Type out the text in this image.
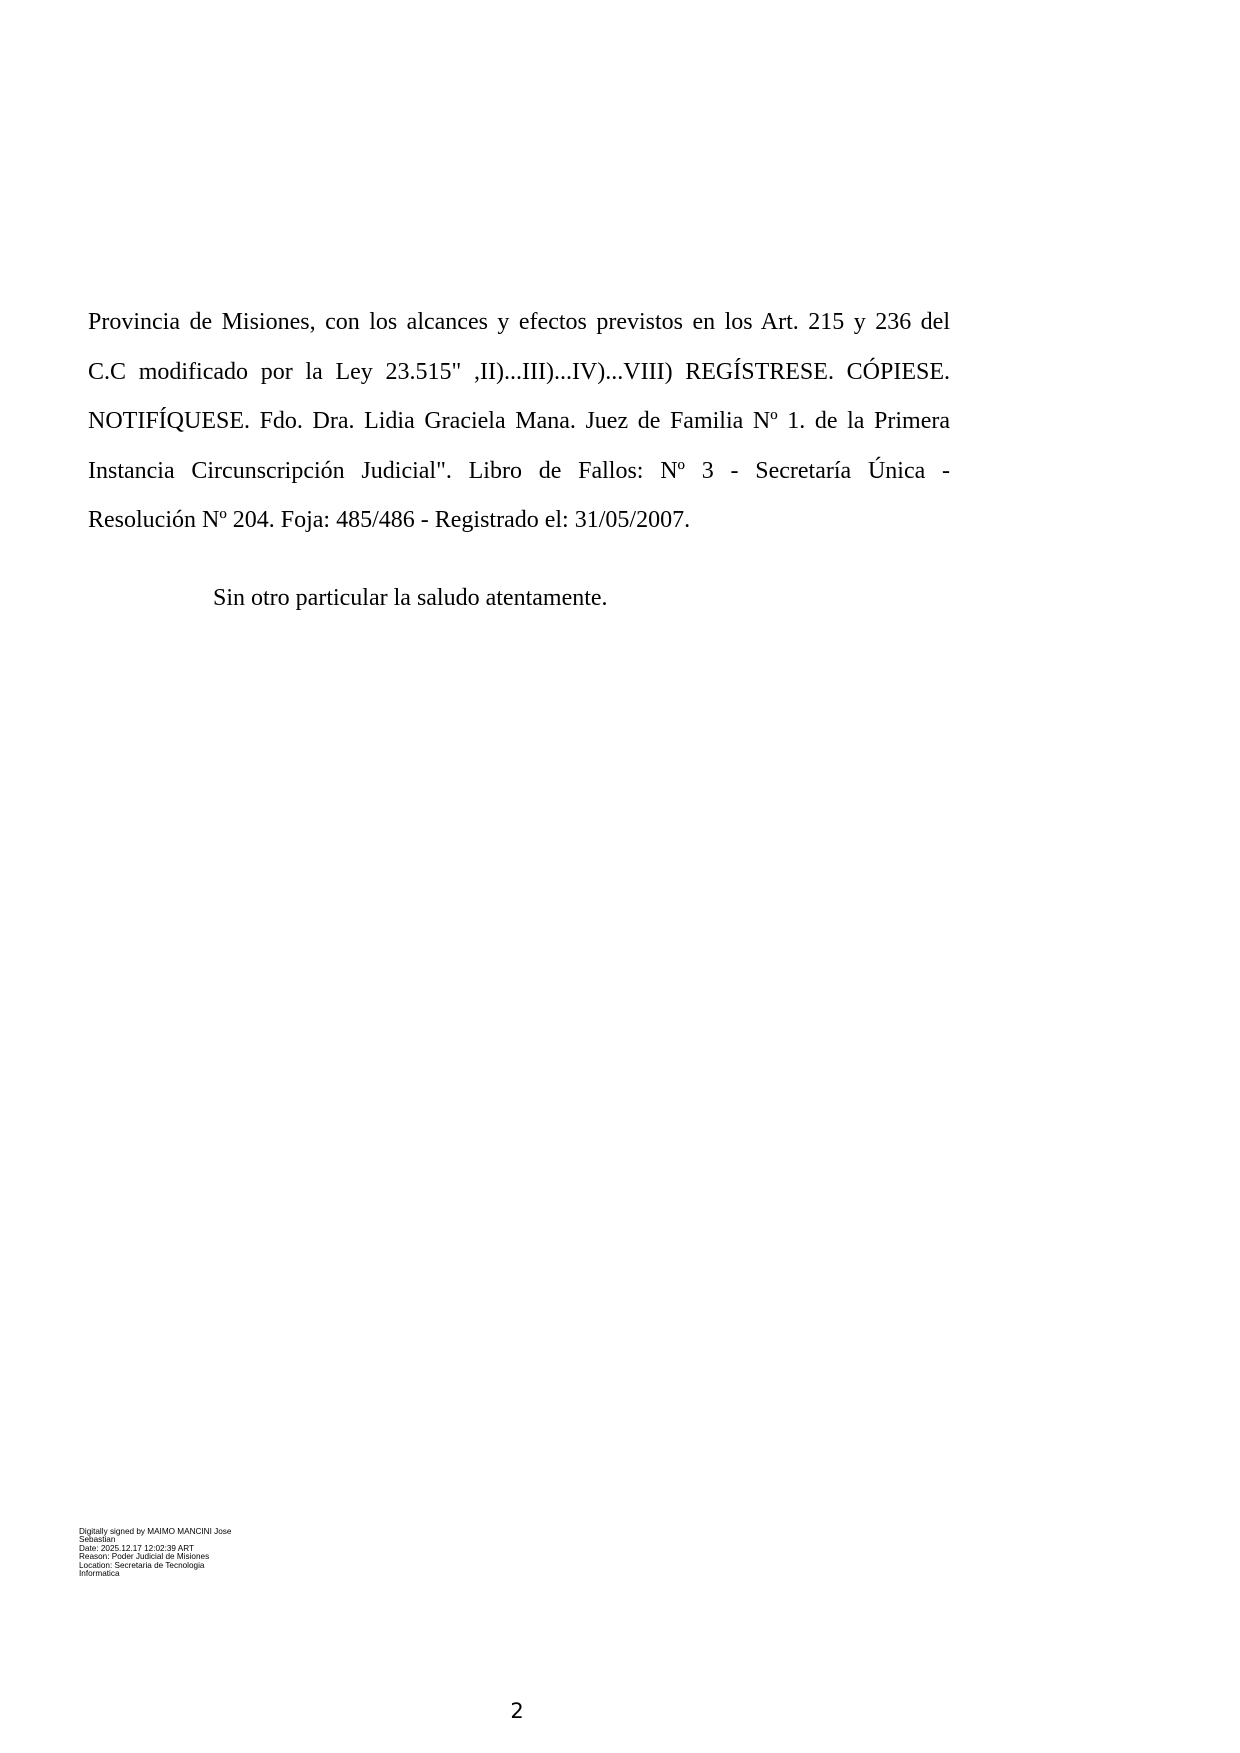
Provincia de Misiones, con los alcances y efectos previstos en los Art. 215 y 236 del
C.C modificado por la Ley 23.515" ,II)...III)...IV)...VIII) REGÍSTRESE. CÓPIESE.
NOTIFÍQUESE. Fdo. Dra. Lidia Graciela Mana. Juez de Familia Nº 1. de la Primera
Instancia Circunscripción Judicial". Libro de Fallos: Nº 3 - Secretaría Única -
Resolución Nº 204. Foja: 485/486 - Registrado el: 31/05/2007.
Sin otro particular la saludo atentamente.
Digitally signed by MAIMO MANCINI Jose
Sebastian
Date: 2025.12.17 12:02:39 ART
Reason: Poder Judicial de Misiones
Location: Secretaria de Tecnologia
Informatica
2
